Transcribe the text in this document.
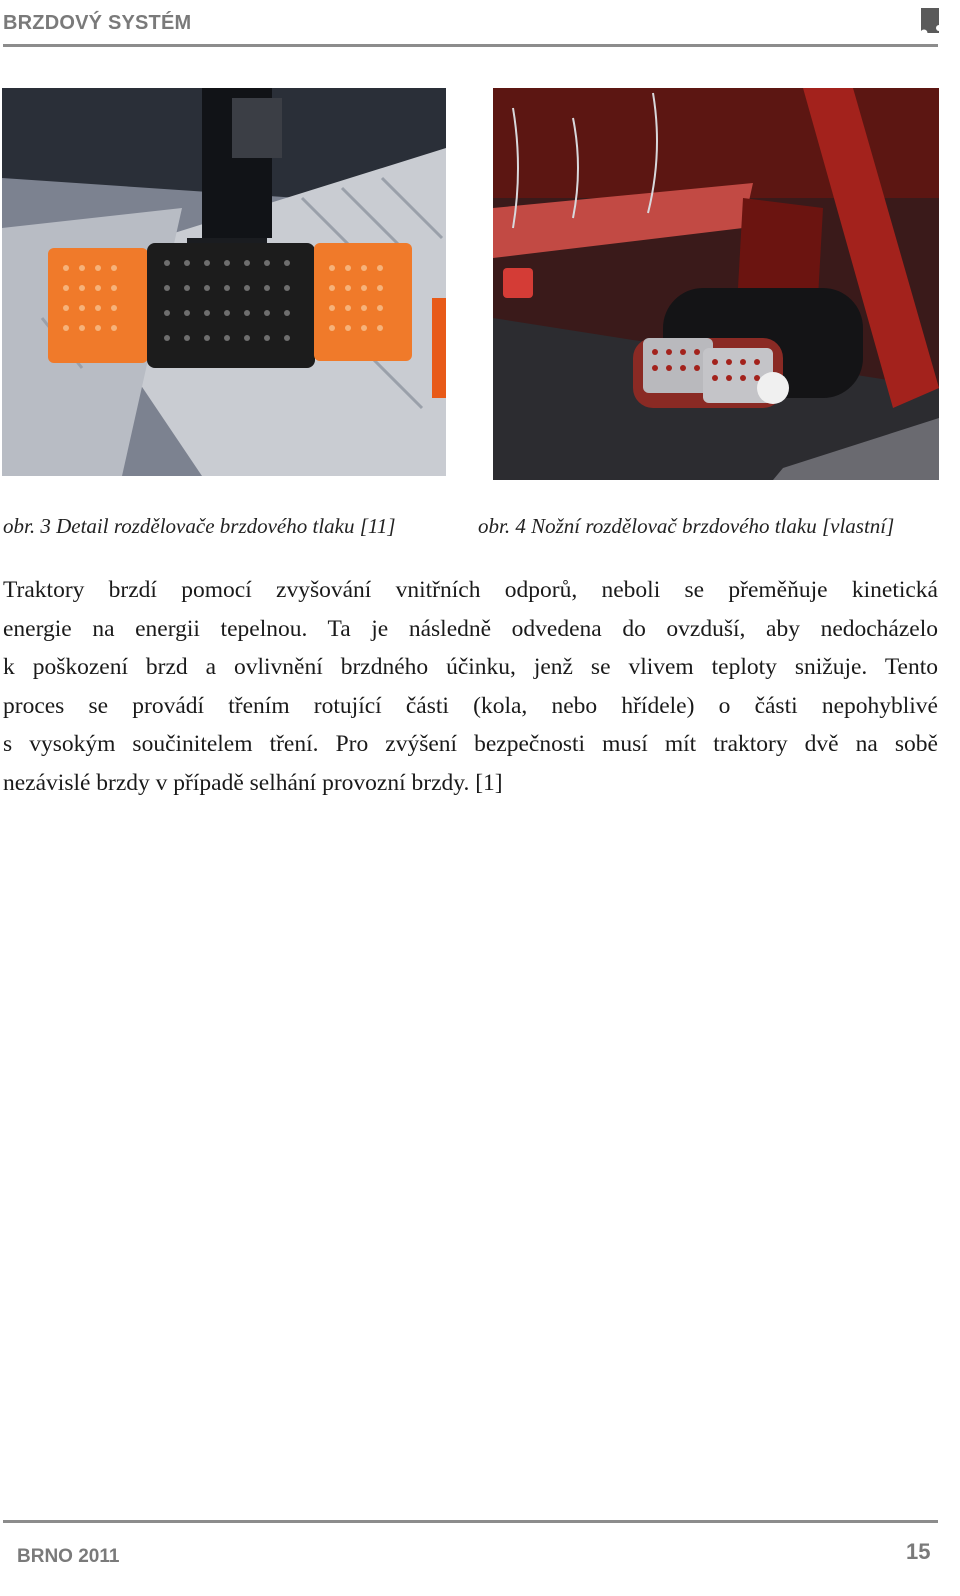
BRZDOVÝ SYSTÉM
obr. 3 Detail rozdělovače brzdového tlaku [11]	obr. 4 Nožní rozdělovač brzdového tlaku [vlastní]
Traktory brzdí pomocí zvyšování vnitřních odporů, neboli se přeměňuje kinetická
energie na energii tepelnou. Ta je následně odvedena do ovzduší, aby nedocházelo
k poškození brzd a ovlivnění brzdného účinku, jenž se vlivem teploty snižuje. Tento
proces se provádí třením rotující části (kola, nebo hřídele) o části nepohyblivé
s vysokým součinitelem tření. Pro zvýšení bezpečnosti musí mít traktory dvě na sobě
nezávislé brzdy v případě selhání provozní brzdy. [1]
BRNO 2011	15
